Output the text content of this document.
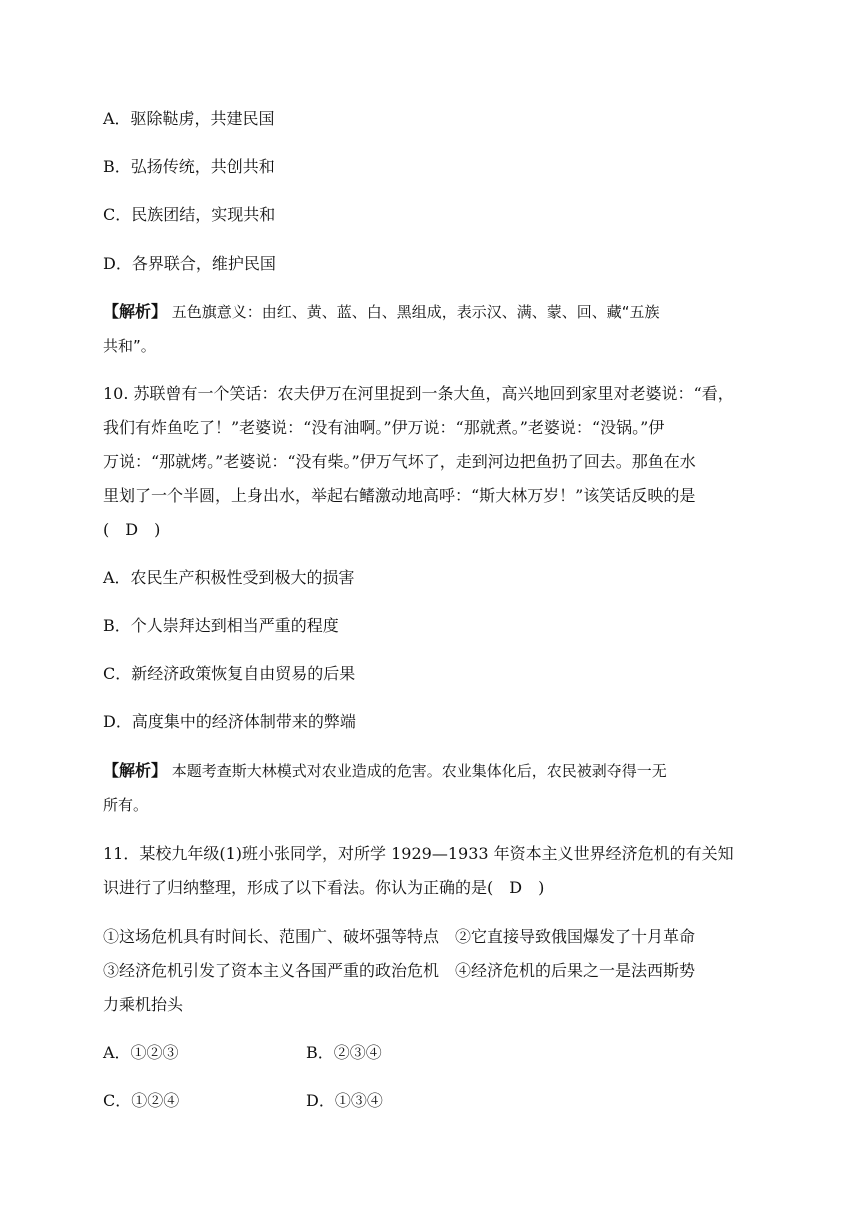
A．驱除鞑虏，共建民国
B．弘扬传统，共创共和
C．民族团结，实现共和
D．各界联合，维护民国
【解析】 五色旗意义：由红、黄、蓝、白、黑组成，表示汉、满、蒙、回、藏“五族
共和”。
10. 苏联曾有一个笑话：农夫伊万在河里捉到一条大鱼，高兴地回到家里对老婆说：“看，
我们有炸鱼吃了！”老婆说：“没有油啊。”伊万说：“那就煮。”老婆说：“没锅。”伊
万说：“那就烤。”老婆说：“没有柴。”伊万气坏了，走到河边把鱼扔了回去。那鱼在水
里划了一个半圆，上身出水，举起右鳍激动地高呼：“斯大林万岁！”该笑话反映的是
(　D　)
A．农民生产积极性受到极大的损害
B．个人崇拜达到相当严重的程度
C．新经济政策恢复自由贸易的后果
D．高度集中的经济体制带来的弊端
【解析】 本题考查斯大林模式对农业造成的危害。农业集体化后，农民被剥夺得一无
所有。
11．某校九年级(1)班小张同学，对所学 1929—1933 年资本主义世界经济危机的有关知
识进行了归纳整理，形成了以下看法。你认为正确的是(　D　)
①这场危机具有时间长、范围广、破坏强等特点　②它直接导致俄国爆发了十月革命
③经济危机引发了资本主义各国严重的政治危机　④经济危机的后果之一是法西斯势
力乘机抬头
A．①②③	B．②③④
C．①②④	D．①③④
